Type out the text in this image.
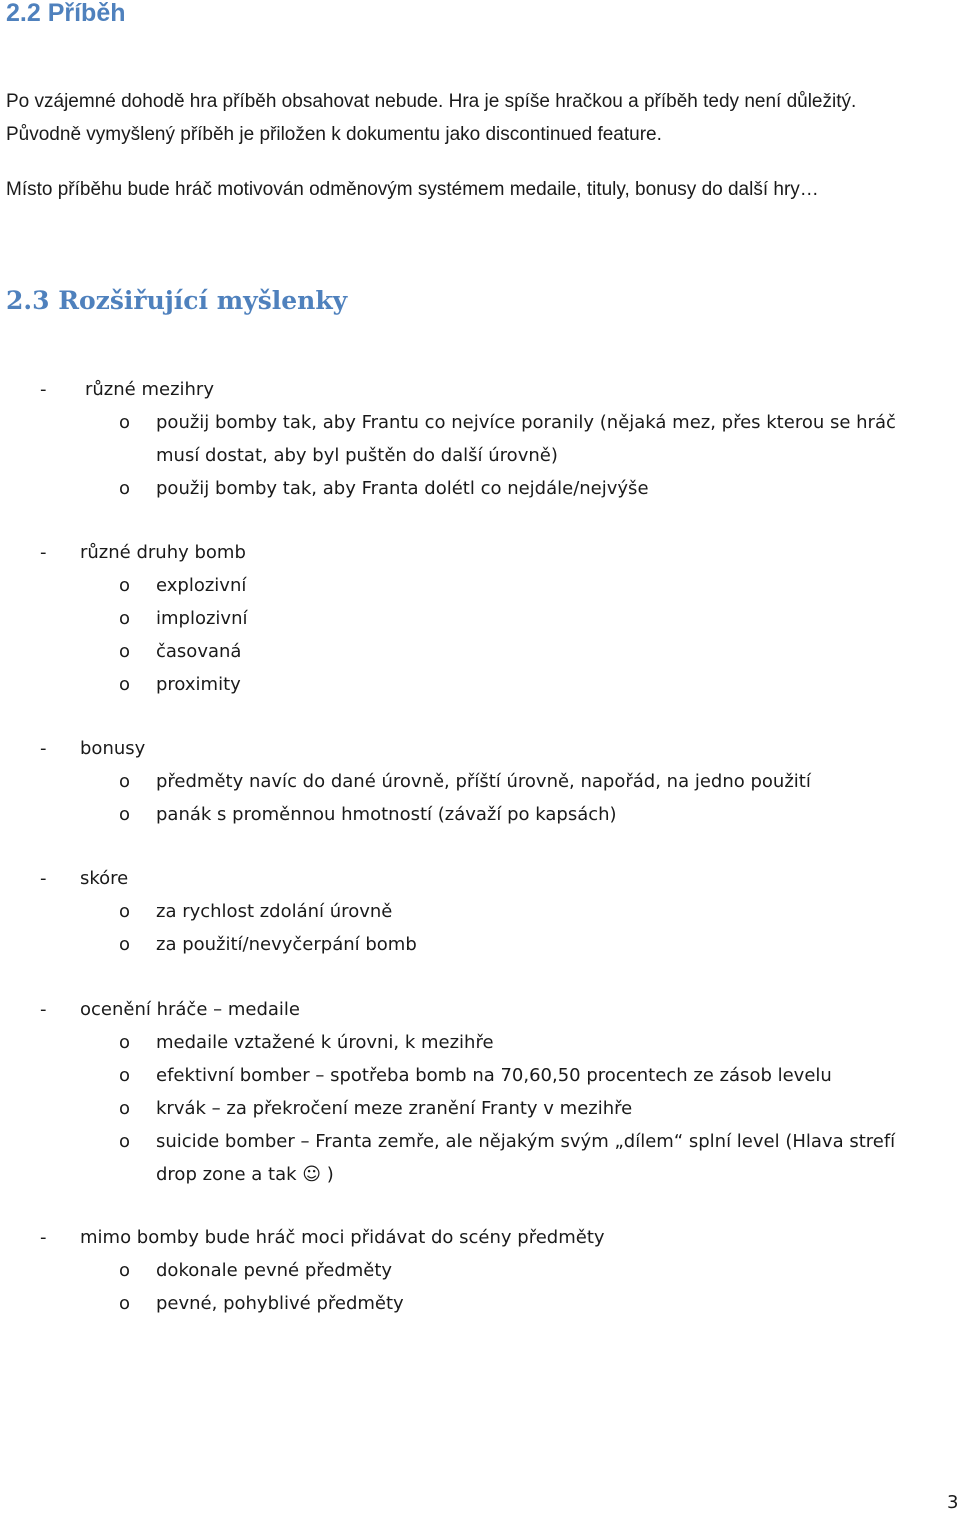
2.2 Příběh

Po vzájemné dohodě hra příběh obsahovat nebude. Hra je spíše hračkou a příběh tedy není důležitý.
Původně vymyšlený příběh je přiložen k dokumentu jako discontinued feature.

Místo příběhu bude hráč motivován odměnovým systémem medaile, tituly, bonusy do další hry…

2.3 Rozšiřující myšlenky
- různé mezihry
o použij bomby tak, aby Frantu co nejvíce poranily (nějaká mez, přes kterou se hráč musí dostat, aby byl puštěn do další úrovně)
o použij bomby tak, aby Franta dolétl co nejdále/nejvýše
- různé druhy bomb
o explozivní
o implozivní
o časovaná
o proximity
- bonusy
o předměty navíc do dané úrovně, příští úrovně, napořád, na jedno použití
o panák s proměnnou hmotností (závaží po kapsách)
- skóre
o za rychlost zdolání úrovně
o za použití/nevyčerpání bomb
- ocenění hráče – medaile
o medaile vztažené k úrovni, k mezihře
o efektivní bomber – spotřeba bomb na 70,60,50 procentech ze zásob levelu
o krvák – za překročení meze zranění Franty v mezihře
o suicide bomber – Franta zemře, ale nějakým svým „dílem“ splní level (Hlava strefí drop zone a tak ☺ )
- mimo bomby bude hráč moci přidávat do scény předměty
o dokonale pevné předměty
o pevné, pohyblivé předměty
3
